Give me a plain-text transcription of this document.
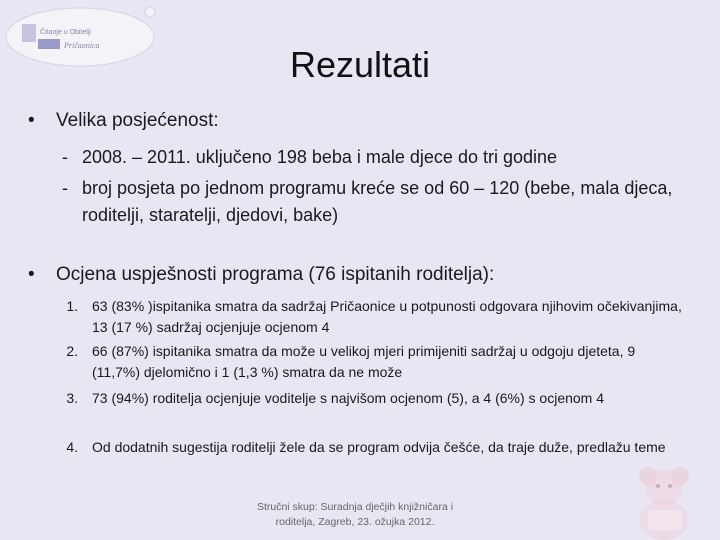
Čitanje u Obitelji
Pričaonica	Rezultati
• Velika posjećenost:
- 2008. – 2011. uključeno 198 beba i male djece do tri godine
- broj posjeta po jednom programu kreće se od 60 – 120 (bebe, mala djeca, roditelji, staratelji, djedovi, bake)
• Ocjena uspješnosti programa (76 ispitanih roditelja):
1. 63 (83% )ispitanika smatra da sadržaj Pričaonice u potpunosti odgovara njihovim očekivanjima, 13 (17 %) sadržaj ocjenjuje ocjenom 4
2. 66 (87%) ispitanika smatra da može u velikoj mjeri primijeniti sadržaj u odgoju djeteta, 9 (11,7%) djelomično i 1 (1,3 %) smatra da ne može
3. 73 (94%) roditelja ocjenjuje voditelje s najvišom ocjenom (5), a 4 (6%) s ocjenom 4
4. Od dodatnih sugestija roditelji žele da se program odvija češće, da traje duže, predlažu teme
Stručni skup: Suradnja dječjih knjižničara i
roditelja, Zagreb, 23. ožujka 2012.
